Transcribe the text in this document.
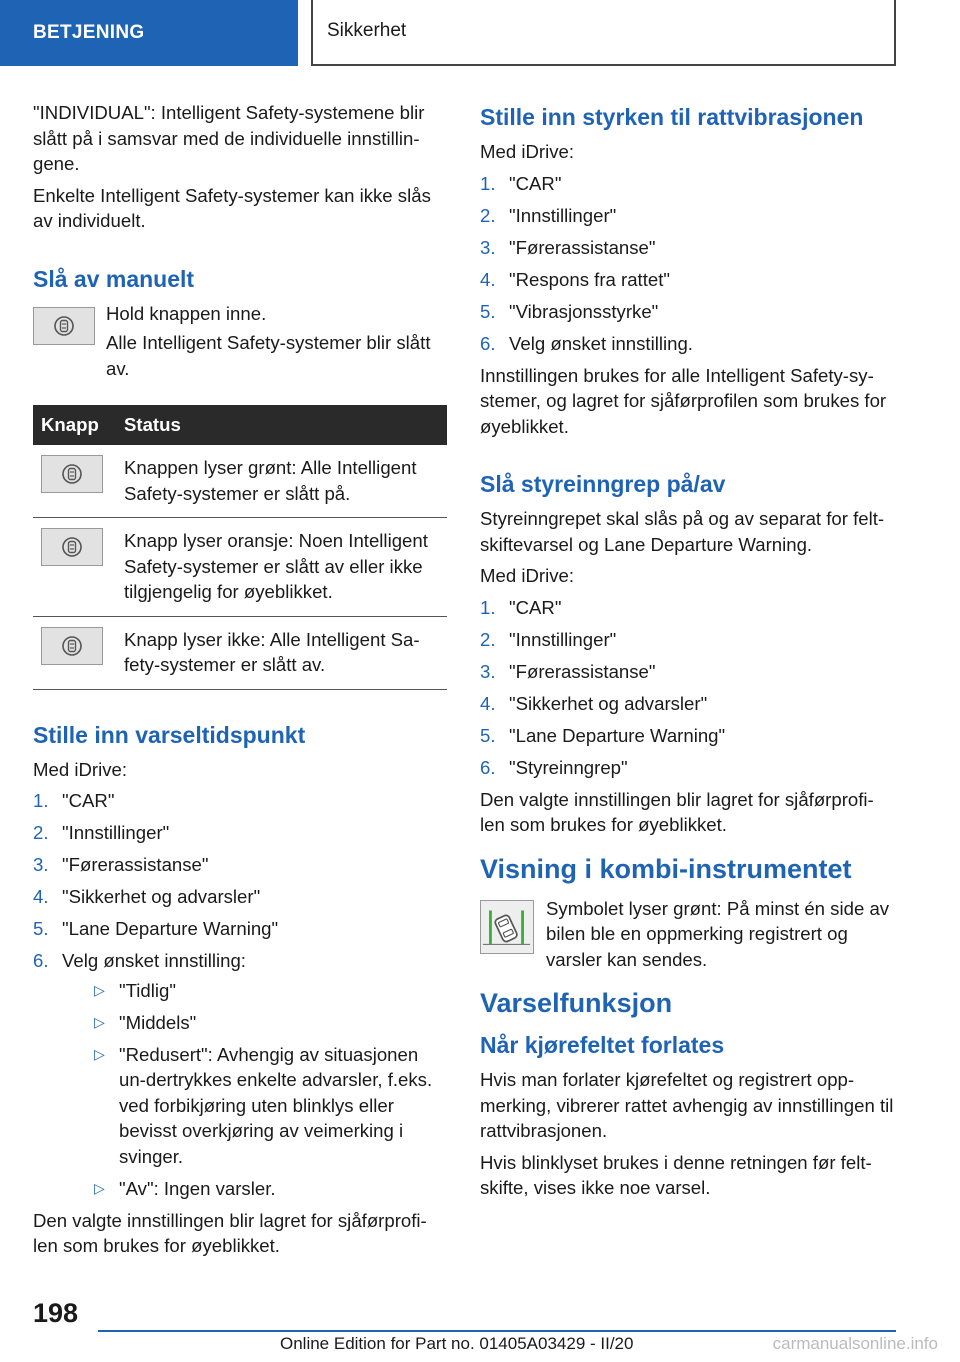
BETJENING	Sikkerhet

"INDIVIDUAL": Intelligent Safety-systemene blir slått på i samsvar med de individuelle innstillin-gene.

Enkelte Intelligent Safety-systemer kan ikke slås av individuelt.

Slå av manuelt

Hold knappen inne.

Alle Intelligent Safety-systemer blir slått av.

Knapp	Status

	Knappen lyser grønt: Alle Intelligent Safety-systemer er slått på.

	Knapp lyser oransje: Noen Intelligent Safety-systemer er slått av eller ikke tilgjengelig for øyeblikket.

	Knapp lyser ikke: Alle Intelligent Sa-fety-systemer er slått av.
Stille inn varseltidspunkt

Med iDrive:

1. "CAR"
2. "Innstillinger"
3. "Førerassistanse"
4. "Sikkerhet og advarsler"
5. "Lane Departure Warning"
6. Velg ønsket innstilling:
▷ "Tidlig"
▷ "Middels"
▷ "Redusert": Avhengig av situasjonen un-dertrykkes enkelte advarsler, f.eks. ved forbikjøring uten blinklys eller bevisst overkjøring av veimerking i svinger.
▷ "Av": Ingen varsler.

Den valgte innstillingen blir lagret for sjåførprofi-len som brukes for øyeblikket.

Stille inn styrken til rattvibrasjonen

Med iDrive:

1. "CAR"
2. "Innstillinger"
3. "Førerassistanse"
4. "Respons fra rattet"
5. "Vibrasjonsstyrke"
6. Velg ønsket innstilling.

Innstillingen brukes for alle Intelligent Safety-sy-stemer, og lagret for sjåførprofilen som brukes for øyeblikket.

Slå styreinngrep på/av

Styreinngrepet skal slås på og av separat for felt-skiftevarsel og Lane Departure Warning.

Med iDrive:

1. "CAR"
2. "Innstillinger"
3. "Førerassistanse"
4. "Sikkerhet og advarsler"
5. "Lane Departure Warning"
6. "Styreinngrep"

Den valgte innstillingen blir lagret for sjåførprofi-len som brukes for øyeblikket.

Visning i kombi-instrumentet

Symbolet lyser grønt: På minst én side av bilen ble en oppmerking registrert og varsler kan sendes.

Varselfunksjon
Når kjørefeltet forlates

Hvis man forlater kjørefeltet og registrert opp-merking, vibrerer rattet avhengig av innstillingen til rattvibrasjonen.

Hvis blinklyset brukes i denne retningen før felt-skifte, vises ikke noe varsel.

198
Online Edition for Part no. 01405A03429 - II/20	carmanualsonline.info
